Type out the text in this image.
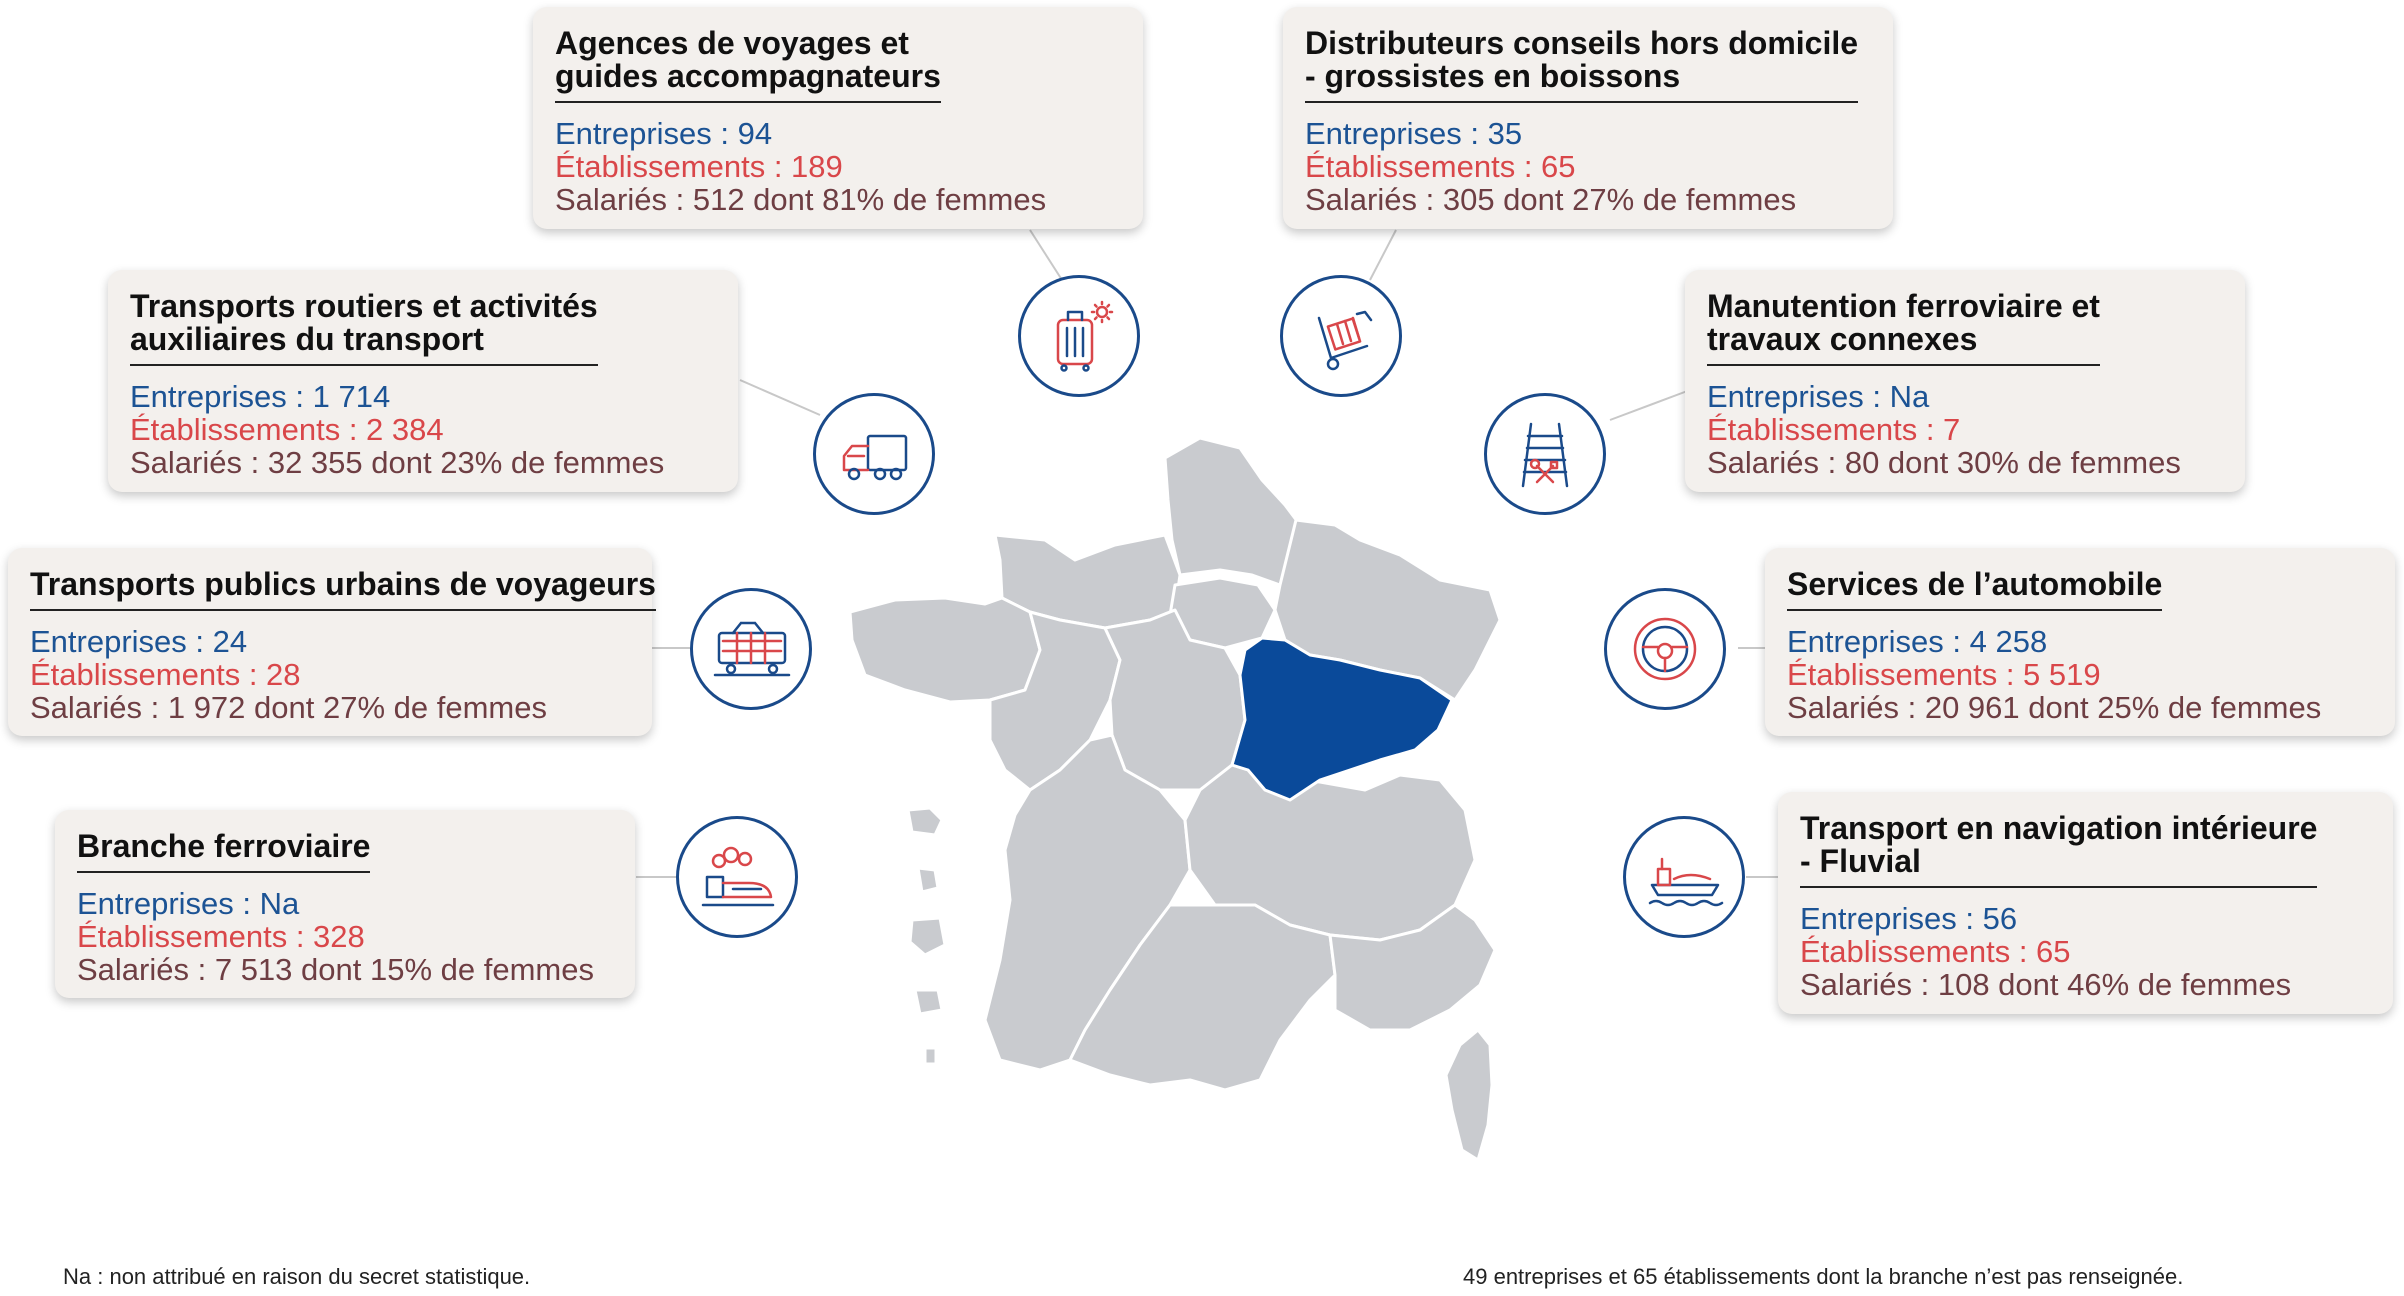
Agences de voyages et
guides accompagnateurs
Entreprises : 94
Établissements : 189
Salariés : 512 dont 81% de femmes
Distributeurs conseils hors domicile
- grossistes en boissons
Entreprises : 35
Établissements : 65
Salariés : 305 dont 27% de femmes
Transports routiers et activités
auxiliaires du transport
Entreprises : 1 714
Établissements : 2 384
Salariés : 32 355 dont 23% de femmes
Manutention ferroviaire et
travaux connexes
Entreprises : Na
Établissements : 7
Salariés : 80 dont 30% de femmes
Transports publics urbains de voyageurs
Entreprises : 24
Établissements : 28
Salariés : 1 972 dont 27% de femmes
Services de l’automobile
Entreprises : 4 258
Établissements : 5 519
Salariés : 20 961 dont 25% de femmes
Branche ferroviaire
Entreprises : Na
Établissements : 328
Salariés : 7 513 dont 15% de femmes
Transport en navigation intérieure
- Fluvial
Entreprises : 56
Établissements : 65
Salariés : 108 dont 46% de femmes
Na : non attribué en raison du secret statistique.	49 entreprises et 65 établissements dont la branche n’est pas renseignée.
